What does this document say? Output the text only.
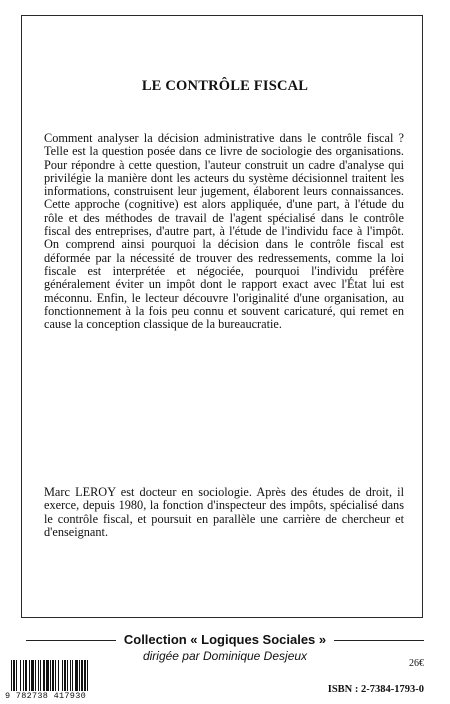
LE CONTRÔLE FISCAL

Comment analyser la décision administrative dans le contrôle fiscal ? Telle est la question posée dans ce livre de sociologie des organisations. Pour répondre à cette question, l'auteur construit un cadre d'analyse qui privilégie la manière dont les acteurs du système décisionnel traitent les informations, construisent leur jugement, élaborent leurs connaissances. Cette approche (cognitive) est alors appliquée, d'une part, à l'étude du rôle et des méthodes de travail de l'agent spécialisé dans le contrôle fiscal des entreprises, d'autre part, à l'étude de l'individu face à l'impôt. On comprend ainsi pourquoi la décision dans le contrôle fiscal est déformée par la nécessité de trouver des redressements, comme la loi fiscale est interprétée et négociée, pourquoi l'individu préfère généralement éviter un impôt dont le rapport exact avec l'État lui est méconnu. Enfin, le lecteur découvre l'originalité d'une organisation, au fonctionnement à la fois peu connu et souvent caricaturé, qui remet en cause la conception classique de la bureaucratie.

Marc LEROY est docteur en sociologie. Après des études de droit, il exerce, depuis 1980, la fonction d'inspecteur des impôts, spécialisé dans le contrôle fiscal, et poursuit en parallèle une carrière de chercheur et d'enseignant.

Collection « Logiques Sociales »
dirigée par Dominique Desjeux
9 782738 417930
26€
ISBN : 2-7384-1793-0
